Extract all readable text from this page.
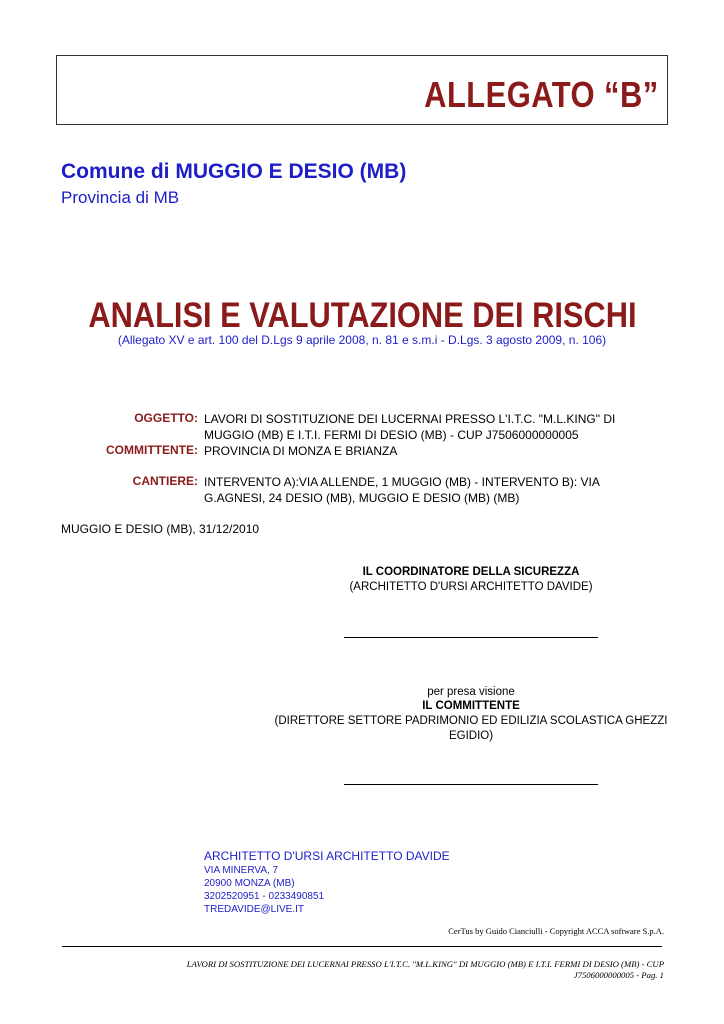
ALLEGATO “B”
Comune di MUGGIO E DESIO (MB)
Provincia di MB
ANALISI E VALUTAZIONE DEI RISCHI
(Allegato XV e art. 100 del D.Lgs 9 aprile 2008, n. 81 e s.m.i - D.Lgs. 3 agosto 2009, n. 106)
OGGETTO: LAVORI DI SOSTITUZIONE DEI LUCERNAI PRESSO L'I.T.C. "M.L.KING" DI MUGGIO (MB) E I.T.I. FERMI DI DESIO (MB) - CUP J7506000000005
COMMITTENTE: PROVINCIA DI MONZA E BRIANZA
CANTIERE: INTERVENTO A):VIA ALLENDE, 1 MUGGIO (MB) - INTERVENTO B): VIA G.AGNESI, 24 DESIO (MB), MUGGIO E DESIO (MB) (MB)
MUGGIO E DESIO (MB), 31/12/2010
IL COORDINATORE DELLA SICUREZZA
(ARCHITETTO D'URSI ARCHITETTO DAVIDE)
per presa visione
IL COMMITTENTE
(DIRETTORE SETTORE PADRIMONIO ED EDILIZIA SCOLASTICA GHEZZI EGIDIO)
ARCHITETTO D'URSI ARCHITETTO DAVIDE
VIA MINERVA, 7
20900 MONZA (MB)
3202520951 - 0233490851
TREDAVIDE@LIVE.IT
CerTus by Guido Cianciulli - Copyright ACCA software S.p.A.
LAVORI DI SOSTITUZIONE DEI LUCERNAI PRESSO L'I.T.C. "M.L.KING" DI MUGGIO (MB) E I.T.I. FERMI DI DESIO (MB) - CUP
J7506000000005 - Pag. 1
